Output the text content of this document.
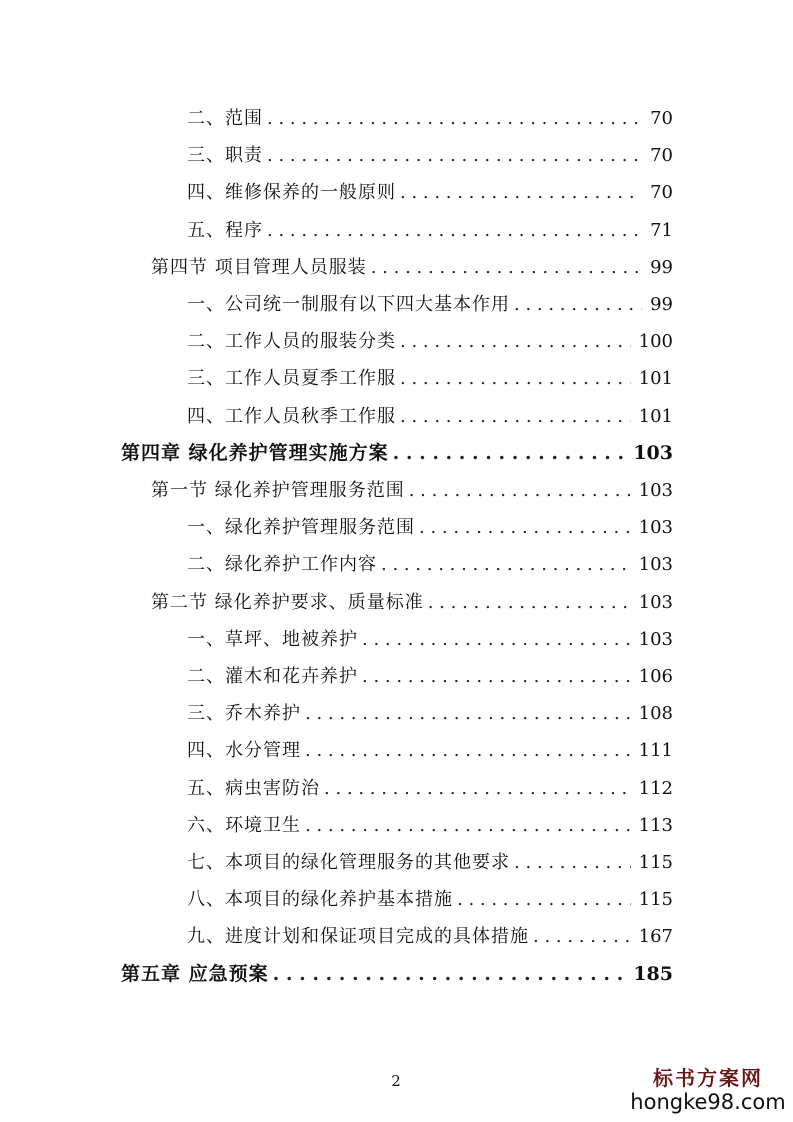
二、范围 . . .	70
三、职责 . . .	70
四、维修保养的一般原则 . . .	70
五、程序 . . .	71
第四节 项目管理人员服装 . . .	99
一、公司统一制服有以下四大基本作用 . . .	99
二、工作人员的服装分类 . . .	100
三、工作人员夏季工作服 . . .	101
四、工作人员秋季工作服 . . .	101
第四章 绿化养护管理实施方案 . . .	103
第一节 绿化养护管理服务范围 . . .	103
一、绿化养护管理服务范围 . . .	103
二、绿化养护工作内容 . . .	103
第二节 绿化养护要求、质量标准 . . .	103
一、草坪、地被养护 . . .	103
二、灌木和花卉养护 . . .	106
三、乔木养护 . . .	108
四、水分管理 . . .	111
五、病虫害防治 . . .	112
六、环境卫生 . . .	113
七、本项目的绿化管理服务的其他要求 . . .	115
八、本项目的绿化养护基本措施 . . .	115
九、进度计划和保证项目完成的具体措施 . . .	167
第五章 应急预案 . . .	185
2	标书方案网
hongke98.com
